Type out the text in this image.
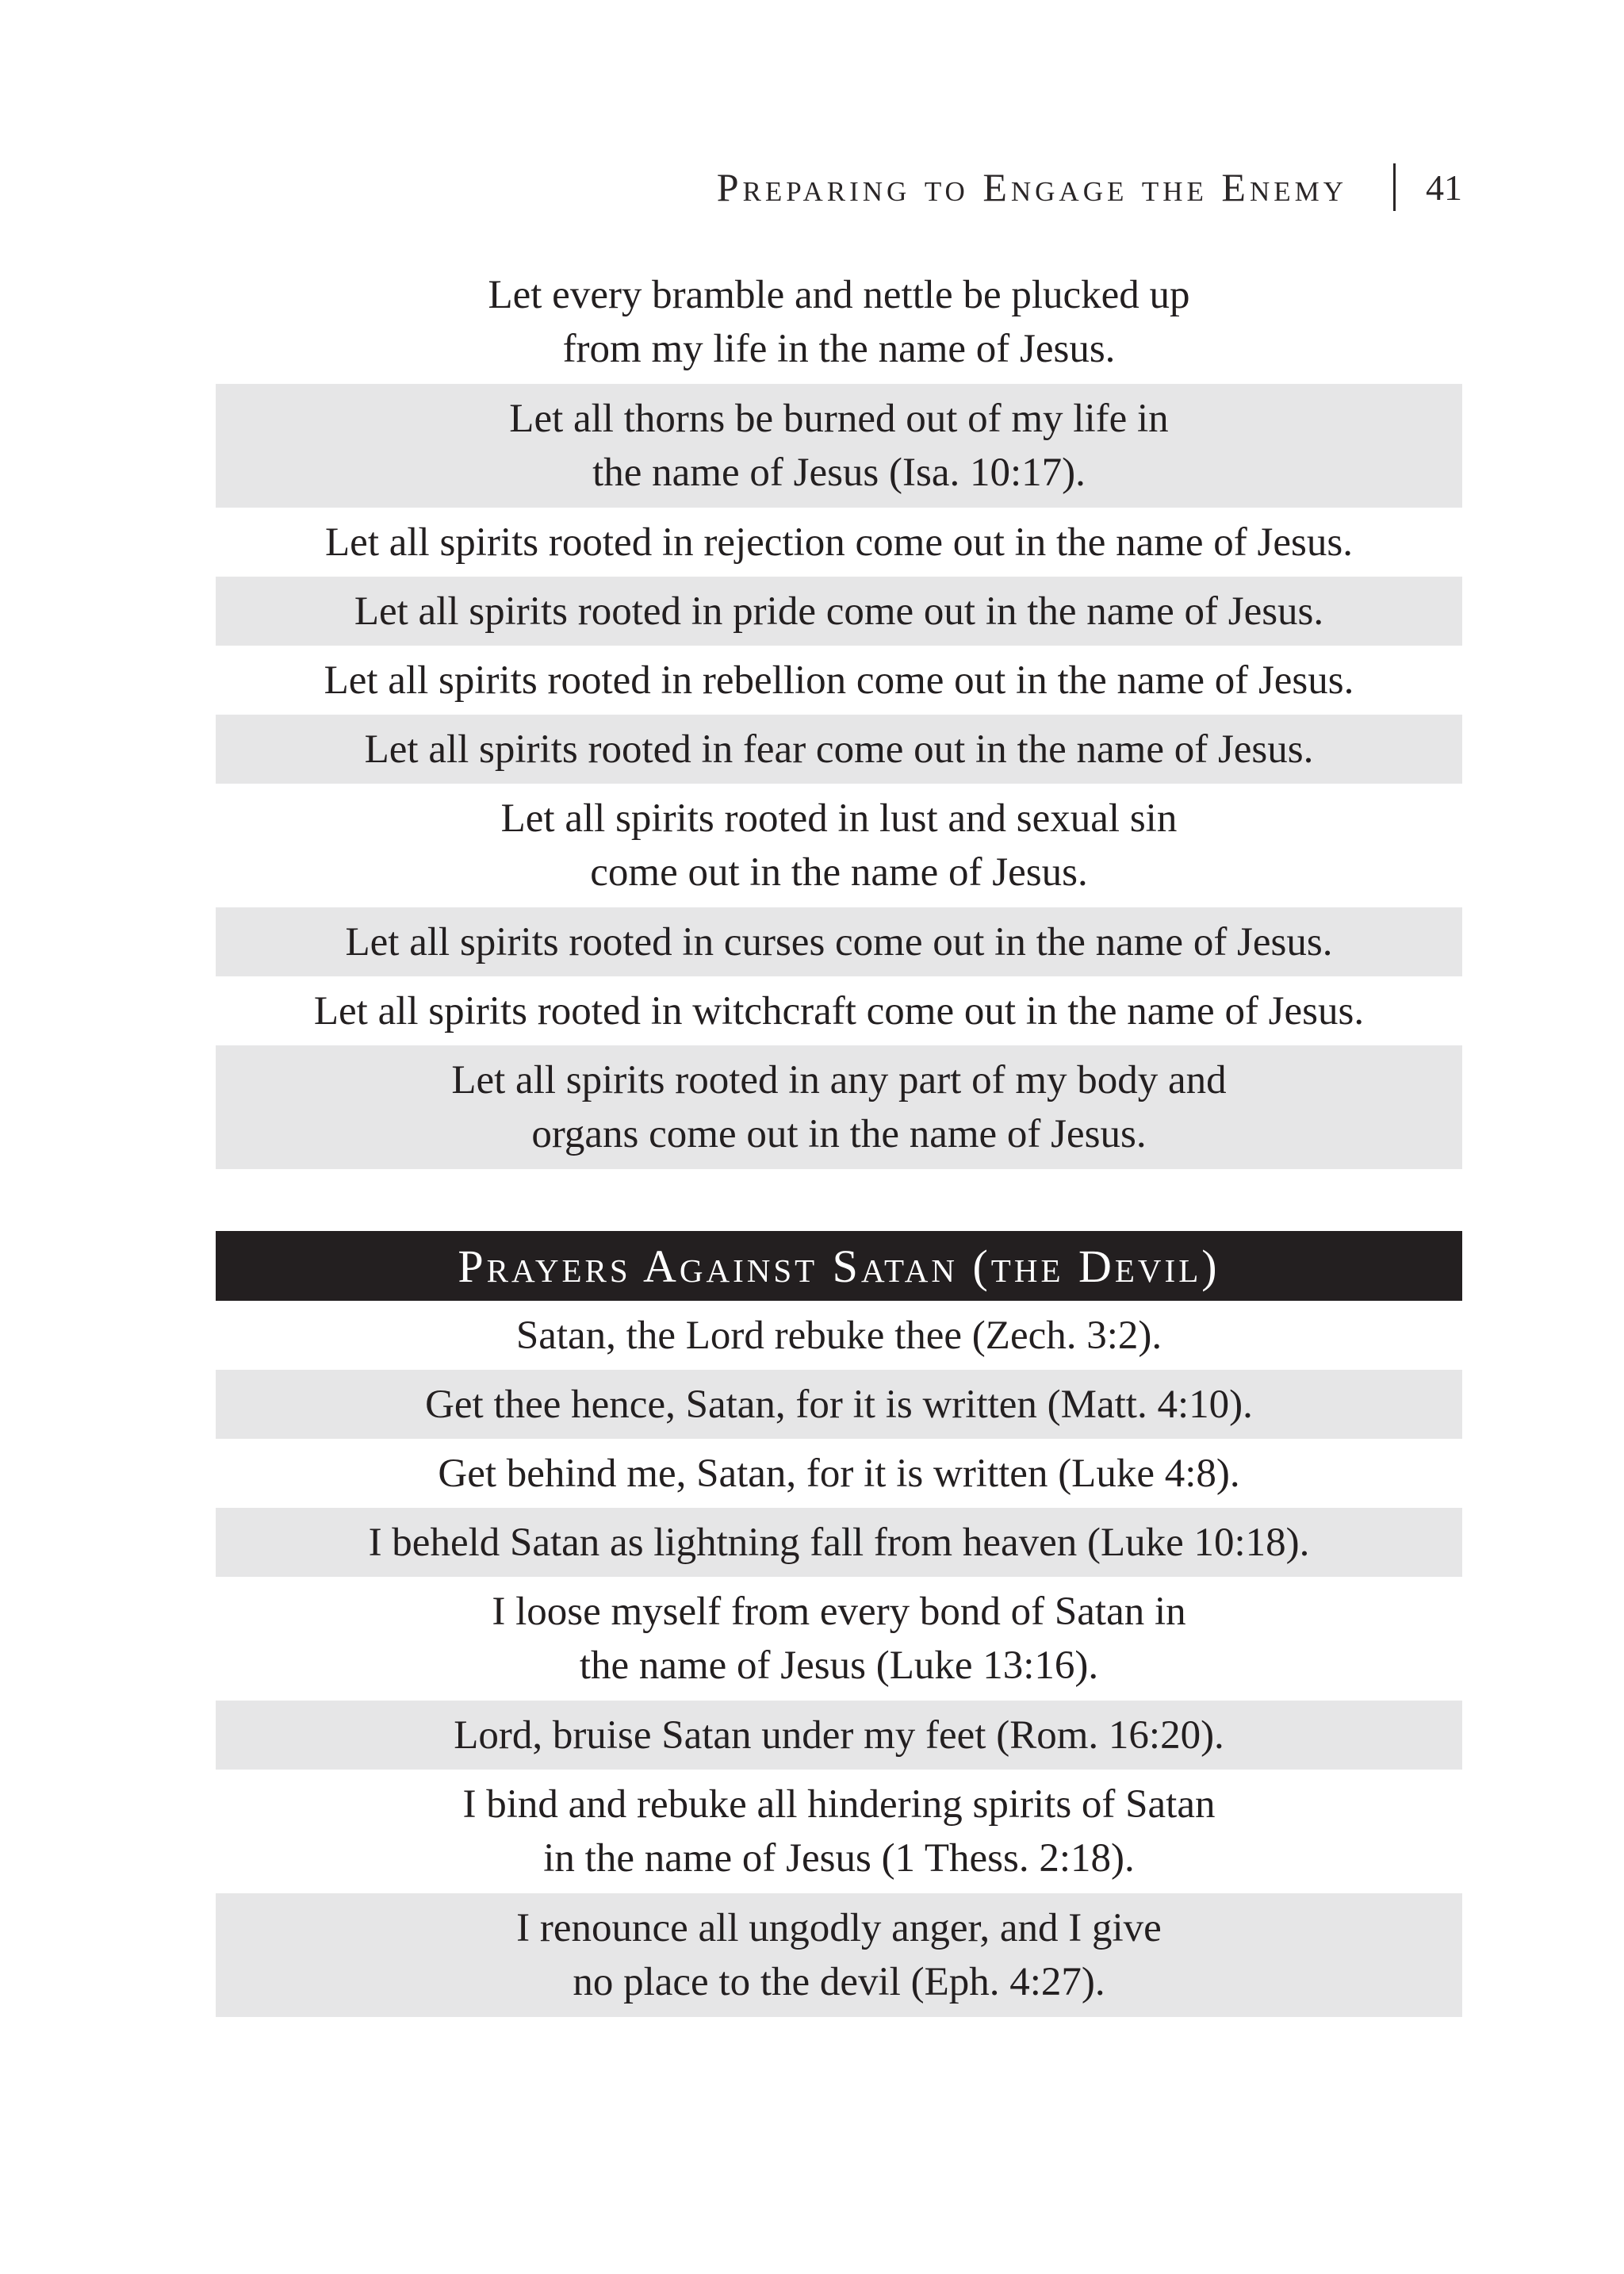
Preparing to Engage the Enemy 41
Let every bramble and nettle be plucked up
from my life in the name of Jesus.
Let all thorns be burned out of my life in
the name of Jesus (Isa. 10:17).
Let all spirits rooted in rejection come out in the name of Jesus.
Let all spirits rooted in pride come out in the name of Jesus.
Let all spirits rooted in rebellion come out in the name of Jesus.
Let all spirits rooted in fear come out in the name of Jesus.
Let all spirits rooted in lust and sexual sin
come out in the name of Jesus.
Let all spirits rooted in curses come out in the name of Jesus.
Let all spirits rooted in witchcraft come out in the name of Jesus.
Let all spirits rooted in any part of my body and
organs come out in the name of Jesus.
Prayers Against Satan (the Devil)
Satan, the Lord rebuke thee (Zech. 3:2).
Get thee hence, Satan, for it is written (Matt. 4:10).
Get behind me, Satan, for it is written (Luke 4:8).
I beheld Satan as lightning fall from heaven (Luke 10:18).
I loose myself from every bond of Satan in
the name of Jesus (Luke 13:16).
Lord, bruise Satan under my feet (Rom. 16:20).
I bind and rebuke all hindering spirits of Satan
in the name of Jesus (1 Thess. 2:18).
I renounce all ungodly anger, and I give
no place to the devil (Eph. 4:27).
